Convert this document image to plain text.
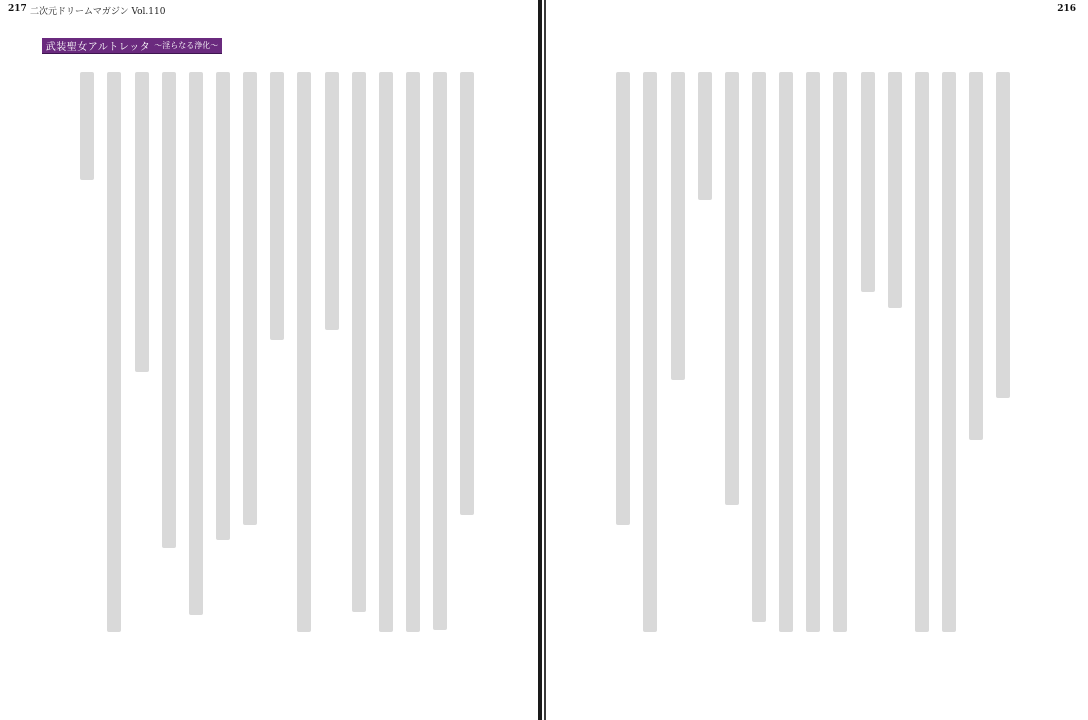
217 二次元ドリームマガジン Vol.110
武装聖女アルトレッタ ～淫らなる浄化～
216
